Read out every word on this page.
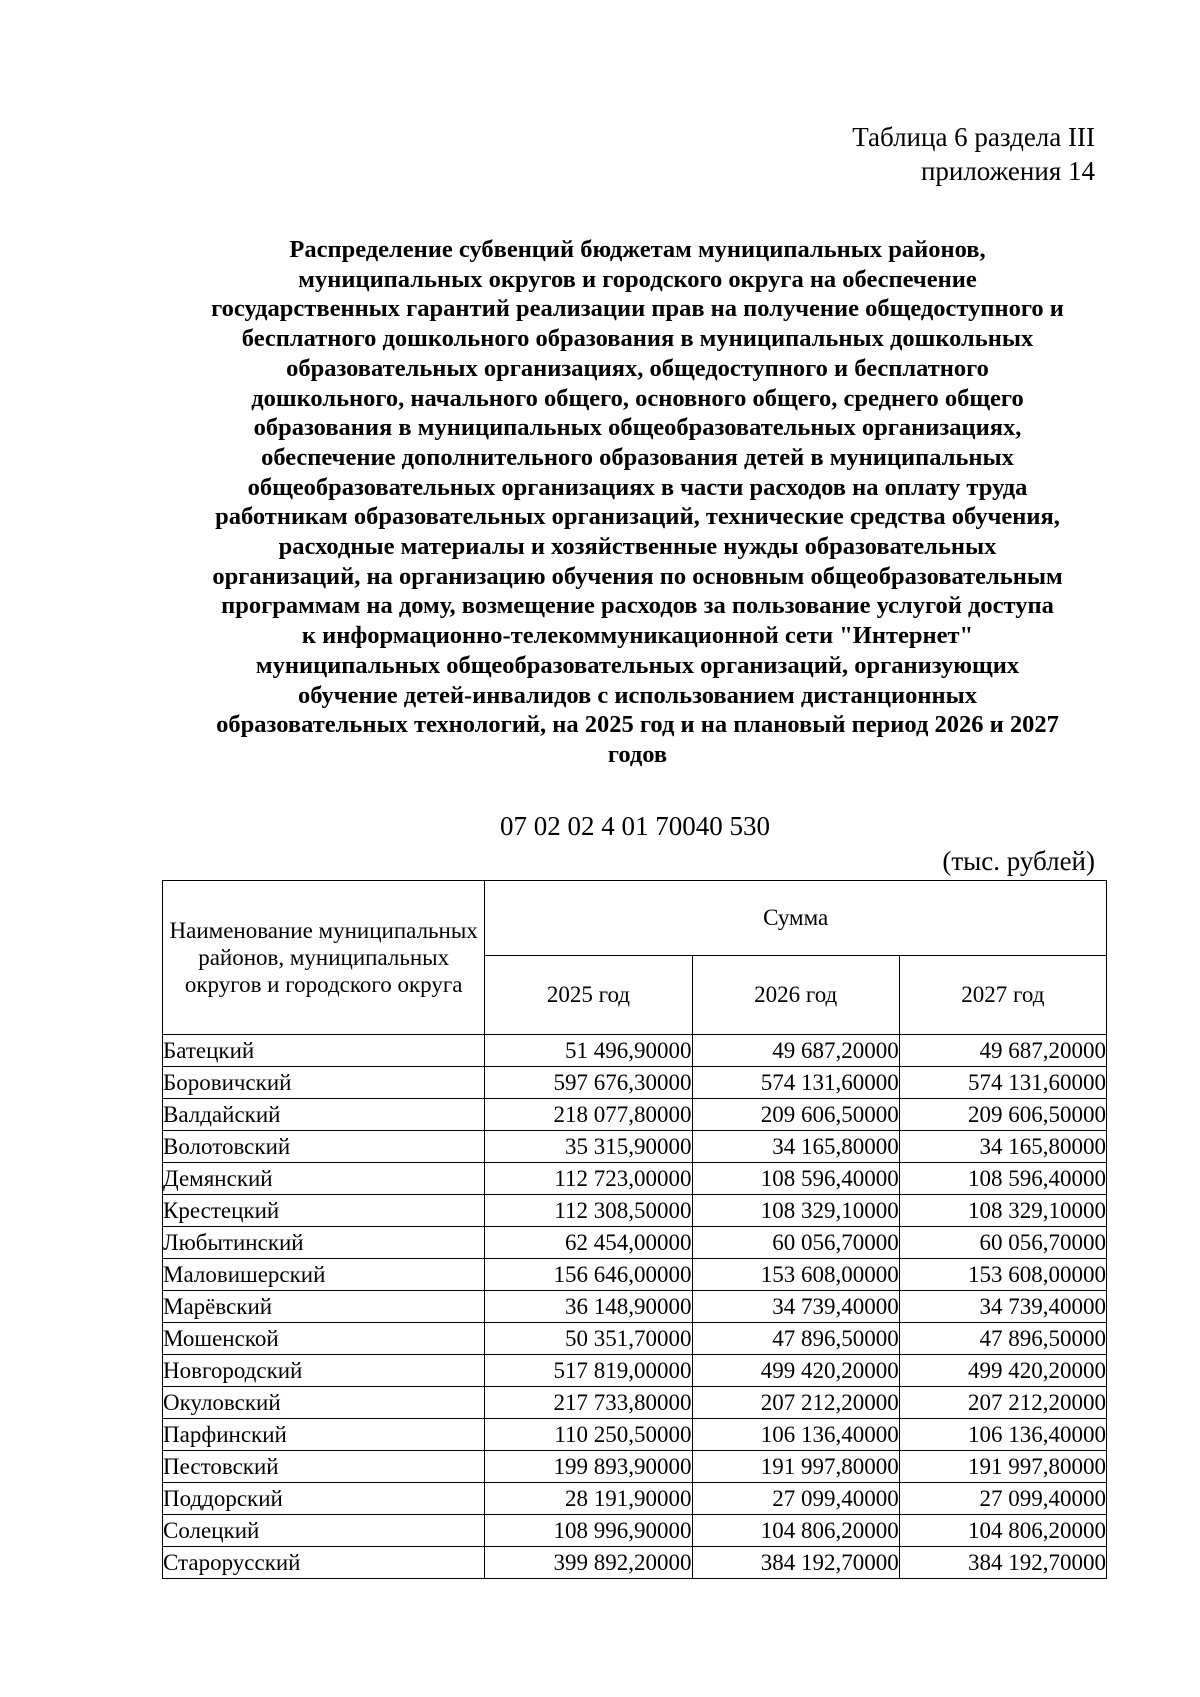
Таблица 6 раздела III
приложения 14
Распределение субвенций бюджетам муниципальных районов,
муниципальных округов и городского округа на обеспечение
государственных гарантий реализации прав на получение общедоступного и
бесплатного дошкольного образования в муниципальных дошкольных
образовательных организациях, общедоступного и бесплатного
дошкольного, начального общего, основного общего, среднего общего
образования в муниципальных общеобразовательных организациях,
обеспечение дополнительного образования детей в муниципальных
общеобразовательных организациях в части расходов на оплату труда
работникам образовательных организаций, технические средства обучения,
расходные материалы и хозяйственные нужды образовательных
организаций, на организацию обучения по основным общеобразовательным
программам на дому, возмещение расходов за пользование услугой доступа
к информационно-телекоммуникационной сети "Интернет"
муниципальных общеобразовательных организаций, организующих
обучение детей-инвалидов с использованием дистанционных
образовательных технологий, на 2025 год и на плановый период 2026 и 2027
годов
07 02 02 4 01 70040 530
(тыс. рублей)
Наименование муниципальных районов, муниципальных округов и городского округа	Сумма		
	2025 год	2026 год	2027 год
Батецкий	51 496,90000	49 687,20000	49 687,20000
Боровичский	597 676,30000	574 131,60000	574 131,60000
Валдайский	218 077,80000	209 606,50000	209 606,50000
Волотовский	35 315,90000	34 165,80000	34 165,80000
Демянский	112 723,00000	108 596,40000	108 596,40000
Крестецкий	112 308,50000	108 329,10000	108 329,10000
Любытинский	62 454,00000	60 056,70000	60 056,70000
Маловишерский	156 646,00000	153 608,00000	153 608,00000
Марёвский	36 148,90000	34 739,40000	34 739,40000
Мошенской	50 351,70000	47 896,50000	47 896,50000
Новгородский	517 819,00000	499 420,20000	499 420,20000
Окуловский	217 733,80000	207 212,20000	207 212,20000
Парфинский	110 250,50000	106 136,40000	106 136,40000
Пестовский	199 893,90000	191 997,80000	191 997,80000
Поддорский	28 191,90000	27 099,40000	27 099,40000
Солецкий	108 996,90000	104 806,20000	104 806,20000
Старорусский	399 892,20000	384 192,70000	384 192,70000
